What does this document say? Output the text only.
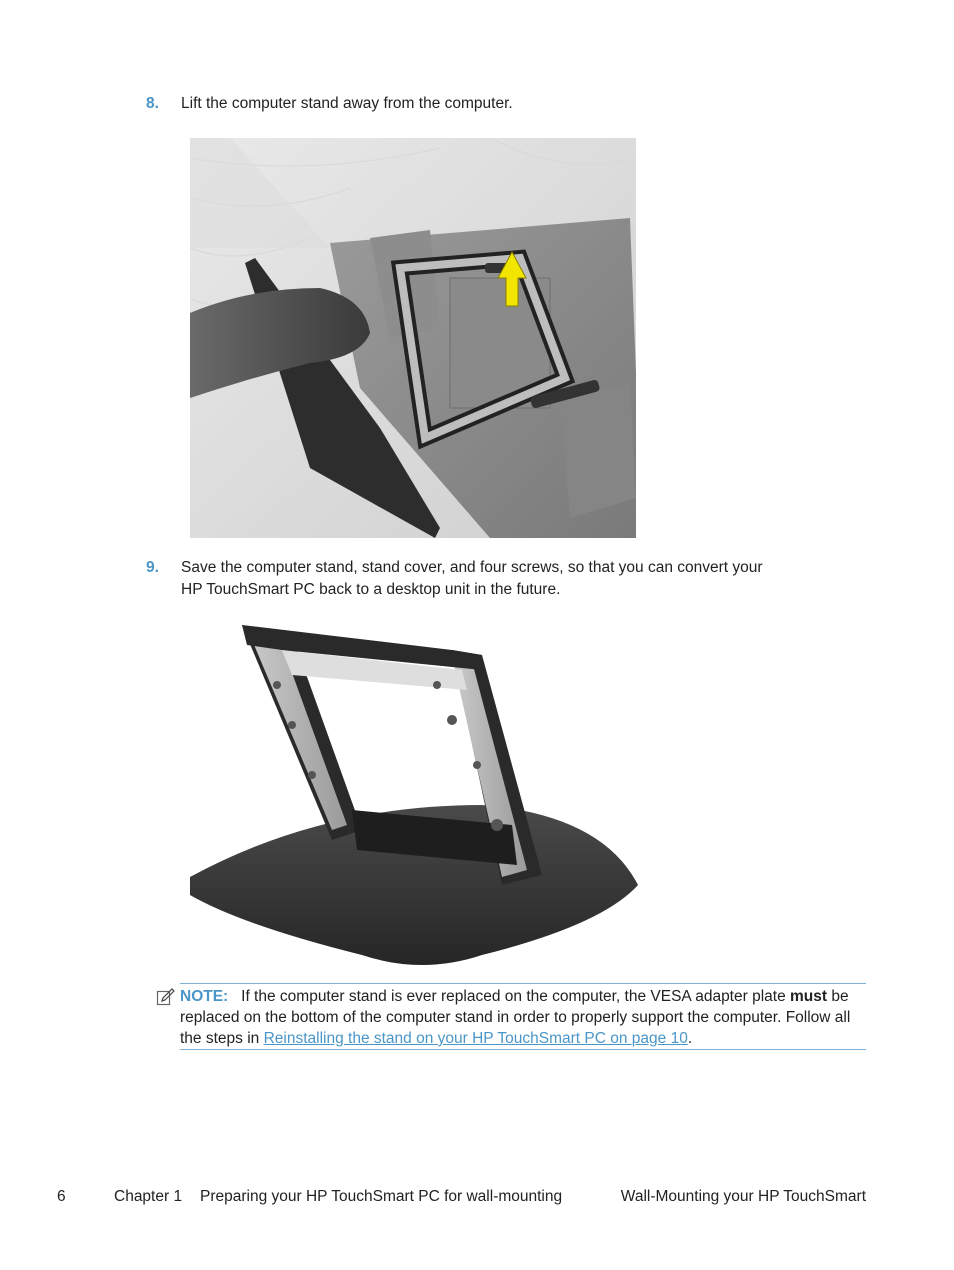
8. Lift the computer stand away from the computer.
9. Save the computer stand, stand cover, and four screws, so that you can convert your
HP TouchSmart PC back to a desktop unit in the future.
NOTE: If the computer stand is ever replaced on the computer, the VESA adapter plate must be
replaced on the bottom of the computer stand in order to properly support the computer. Follow all
the steps in Reinstalling the stand on your HP TouchSmart PC on page 10.
6	Chapter 1 Preparing your HP TouchSmart PC for wall-mounting	Wall-Mounting your HP TouchSmart
